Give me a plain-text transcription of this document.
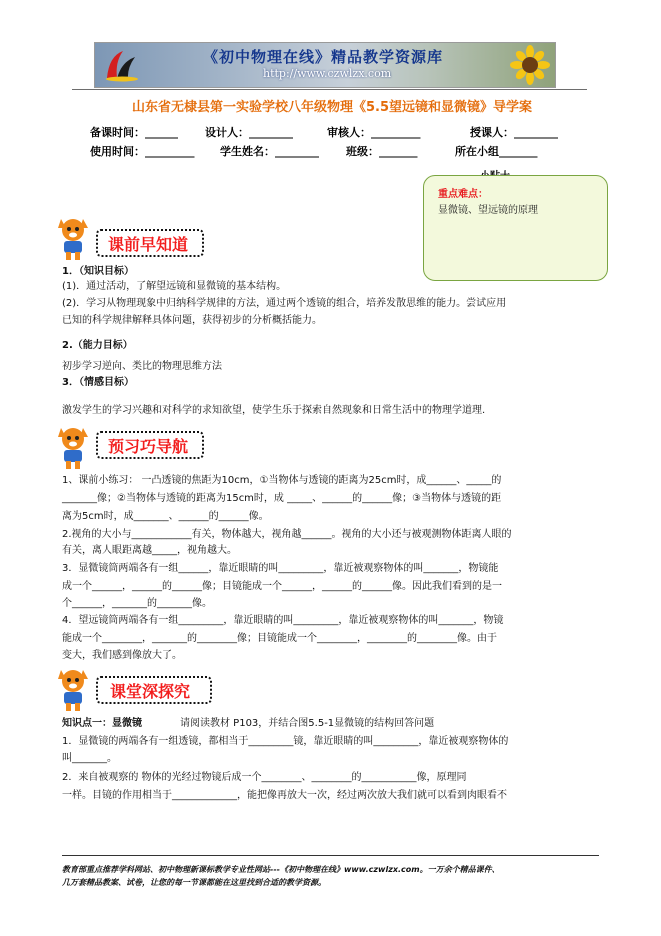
《初中物理在线》精品教学资源库
http://www.czwlzx.com
山东省无棣县第一实验学校八年级物理《5.5望远镜和显微镜》导学案
备课时间：______ 设计人：________	审核人：_________	授课人：________
使用时间：_________ 学生姓名：________ 班级：_______	所在小组_______
重点难点：
显微镜、望远镜的原理
课前早知道
1．（知识目标）
(1)．通过活动，了解望远镜和显微镜的基本结构。
(2)．学习从物理现象中归纳科学规律的方法，通过两个透镜的组合，培养发散思维的能力。尝试应用
已知的科学规律解释具体问题，获得初步的分析概括能力。
2.（能力目标）
初步学习逆向、类比的物理思维方法
3．（情感目标）
激发学生的学习兴趣和对科学的求知欲望，使学生乐于探索自然现象和日常生活中的物理学道理.
预习巧导航
1、课前小练习： 一凸透镜的焦距为10cm，①当物体与透镜的距离为25cm时，成______、_____的
_______像；②当物体与透镜的距离为15cm时，成 _____、______的______像；③当物体与透镜的距
离为5cm时，成_______、______的______像。
2.视角的大小与____________有关，物体越大，视角越______。视角的大小还与被观测物体距离人眼的
有关，离人眼距离越_____，视角越大。
3．显微镜筒两端各有一组______，靠近眼睛的叫_________，靠近被观察物体的叫_______，物镜能
成一个______，______的______像；目镜能成一个______，______的______像。因此我们看到的是一
个______，_______的_______像。
4．望远镜筒两端各有一组_________，靠近眼睛的叫_________，靠近被观察物体的叫_______，物镜
能成一个________，_______的________像；目镜能成一个________，________的________像。由于
变大，我们感到像放大了。
课堂深探究
知识点一：显微镜	请阅读教材 P103，并结合图5.5-1显微镜的结构回答问题
1．显微镜的两端各有一组透镜，都相当于_________镜，靠近眼睛的叫_________，靠近被观察物体的
叫_______。
2．来自被观察的 物体的光经过物镜后成一个________、________的___________像，原理同
一样。目镜的作用相当于_____________，能把像再放大一次，经过两次放大我们就可以看到肉眼看不
教育部重点推荐学科网站、初中物理新课标教学专业性网站---《初中物理在线》www.czwlzx.com。一万余个精品课件、
几万套精品教案、试卷，让您的每一节课都能在这里找到合适的教学资源。
